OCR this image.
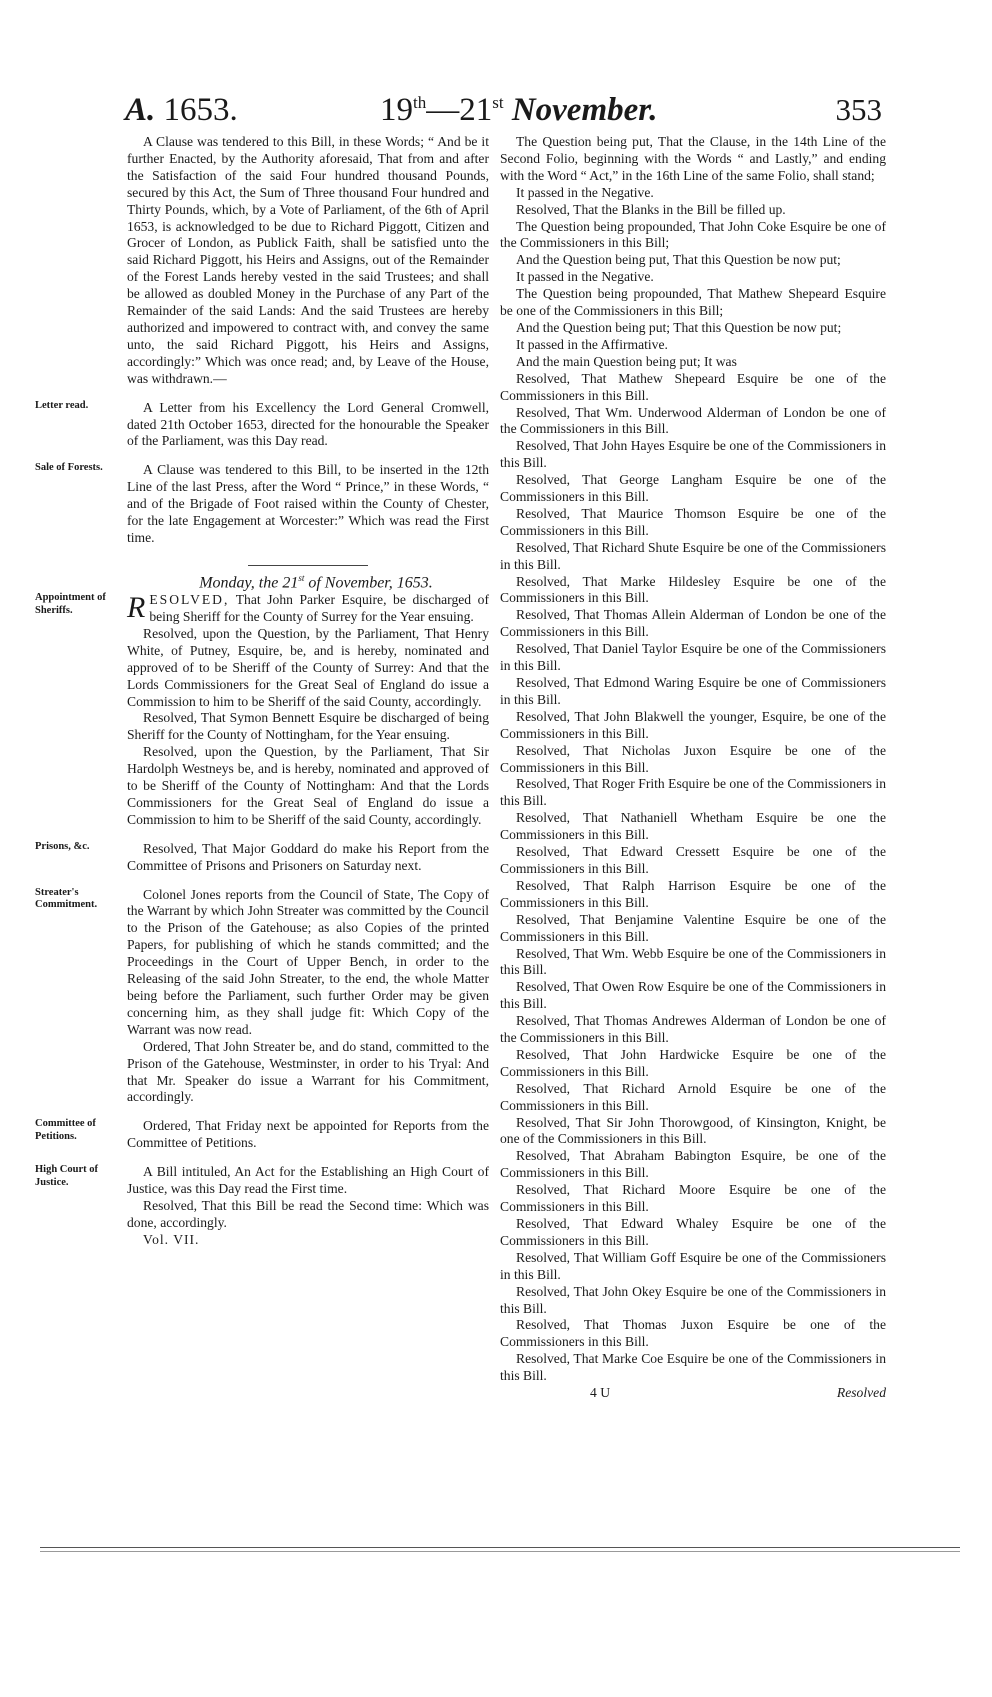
A. 1653.	19th—21st November.	353

A Clause was tendered to this Bill, in these Words; “ And be it further Enacted, by the Authority aforesaid, That from and after the Satisfaction of the said Four hundred thousand Pounds, secured by this Act, the Sum of Three thousand Four hundred and Thirty Pounds, which, by a Vote of Parliament, of the 6th of April 1653, is acknowledged to be due to Richard Piggott, Citizen and Grocer of London, as Publick Faith, shall be satisfied unto the said Richard Piggott, his Heirs and Assigns, out of the Remainder of the Forest Lands hereby vested in the said Trustees; and shall be allowed as doubled Money in the Purchase of any Part of the Remainder of the said Lands: And the said Trustees are hereby authorized and impowered to contract with, and convey the same unto, the said Richard Piggott, his Heirs and Assigns, accordingly:” Which was once read; and, by Leave of the House, was withdrawn.—

Letter read.	A Letter from his Excellency the Lord General Cromwell, dated 21th October 1653, directed for the honourable the Speaker of the Parliament, was this Day read.

Sale of Forests.	A Clause was tendered to this Bill, to be inserted in the 12th Line of the last Press, after the Word “ Prince,” in these Words, “ and of the Brigade of Foot raised within the County of Chester, for the late Engagement at Worcester:” Which was read the First time.

Monday, the 21st of November, 1653.

Appointment of Sheriffs.	R ESOLVED, That John Parker Esquire, be discharged of being Sheriff for the County of Surrey for the Year ensuing.

Resolved, upon the Question, by the Parliament, That Henry White, of Putney, Esquire, be, and is hereby, nominated and approved of to be Sheriff of the County of Surrey: And that the Lords Commissioners for the Great Seal of England do issue a Commission to him to be Sheriff of the said County, accordingly.

Resolved, That Symon Bennett Esquire be discharged of being Sheriff for the County of Nottingham, for the Year ensuing.

Resolved, upon the Question, by the Parliament, That Sir Hardolph Westneys be, and is hereby, nominated and approved of to be Sheriff of the County of Nottingham: And that the Lords Commissioners for the Great Seal of England do issue a Commission to him to be Sheriff of the said County, accordingly.

Prisons, &c.	Resolved, That Major Goddard do make his Report from the Committee of Prisons and Prisoners on Saturday next.

Streater's Commitment.
Colonel Jones reports from the Council of State, The Copy of the Warrant by which John Streater was committed by the Council to the Prison of the Gatehouse; as also Copies of the printed Papers, for publishing of which he stands committed; and the Proceedings in the Court of Upper Bench, in order to the Releasing of the said John Streater, to the end, the whole Matter being before the Parliament, such further Order may be given concerning him, as they shall judge fit: Which Copy of the Warrant was now read.

Ordered, That John Streater be, and do stand, committed to the Prison of the Gatehouse, Westminster, in order to his Tryal: And that Mr. Speaker do issue a Warrant for his Commitment, accordingly.

Committee of Petitions.
Ordered, That Friday next be appointed for Reports from the Committee of Petitions.

High Court of Justice.
A Bill intituled, An Act for the Establishing an High Court of Justice, was this Day read the First time.

Resolved, That this Bill be read the Second time: Which was done, accordingly.

Vol. VII.

The Question being put, That the Clause, in the 14th Line of the Second Folio, beginning with the Words “ and Lastly,” and ending with the Word “ Act,” in the 16th Line of the same Folio, shall stand;

It passed in the Negative.

Resolved, That the Blanks in the Bill be filled up.

The Question being propounded, That John Coke Esquire be one of the Commissioners in this Bill;

And the Question being put, That this Question be now put;

It passed in the Negative.

The Question being propounded, That Mathew Shepeard Esquire be one of the Commissioners in this Bill;

And the Question being put; That this Question be now put;

It passed in the Affirmative.

And the main Question being put; It was

Resolved, That Mathew Shepeard Esquire be one of the Commissioners in this Bill.

Resolved, That Wm. Underwood Alderman of London be one of the Commissioners in this Bill.

Resolved, That John Hayes Esquire be one of the Commissioners in this Bill.

Resolved, That George Langham Esquire be one of the Commissioners in this Bill.

Resolved, That Maurice Thomson Esquire be one of the Commissioners in this Bill.

Resolved, That Richard Shute Esquire be one of the Commissioners in this Bill.

Resolved, That Marke Hildesley Esquire be one of the Commissioners in this Bill.

Resolved, That Thomas Allein Alderman of London be one of the Commissioners in this Bill.

Resolved, That Daniel Taylor Esquire be one of the Commissioners in this Bill.

Resolved, That Edmond Waring Esquire be one of Commissioners in this Bill.

Resolved, That John Blakwell the younger, Esquire, be one of the Commissioners in this Bill.

Resolved, That Nicholas Juxon Esquire be one of the Commissioners in this Bill.

Resolved, That Roger Frith Esquire be one of the Commissioners in this Bill.

Resolved, That Nathaniell Whetham Esquire be one the Commissioners in this Bill.

Resolved, That Edward Cressett Esquire be one of the Commissioners in this Bill.

Resolved, That Ralph Harrison Esquire be one of the Commissioners in this Bill.

Resolved, That Benjamine Valentine Esquire be one of the Commissioners in this Bill.

Resolved, That Wm. Webb Esquire be one of the Commissioners in this Bill.

Resolved, That Owen Row Esquire be one of the Commissioners in this Bill.

Resolved, That Thomas Andrewes Alderman of London be one of the Commissioners in this Bill.

Resolved, That John Hardwicke Esquire be one of the Commissioners in this Bill.

Resolved, That Richard Arnold Esquire be one of the Commissioners in this Bill.

Resolved, That Sir John Thorowgood, of Kinsington, Knight, be one of the Commissioners in this Bill.

Resolved, That Abraham Babington Esquire, be one of the Commissioners in this Bill.

Resolved, That Richard Moore Esquire be one of the Commissioners in this Bill.

Resolved, That Edward Whaley Esquire be one of the Commissioners in this Bill.

Resolved, That William Goff Esquire be one of the Commissioners in this Bill.

Resolved, That John Okey Esquire be one of the Commissioners in this Bill.

Resolved, That Thomas Juxon Esquire be one of the Commissioners in this Bill.

Resolved, That Marke Coe Esquire be one of the Commissioners in this Bill.

4 U	Resolved
